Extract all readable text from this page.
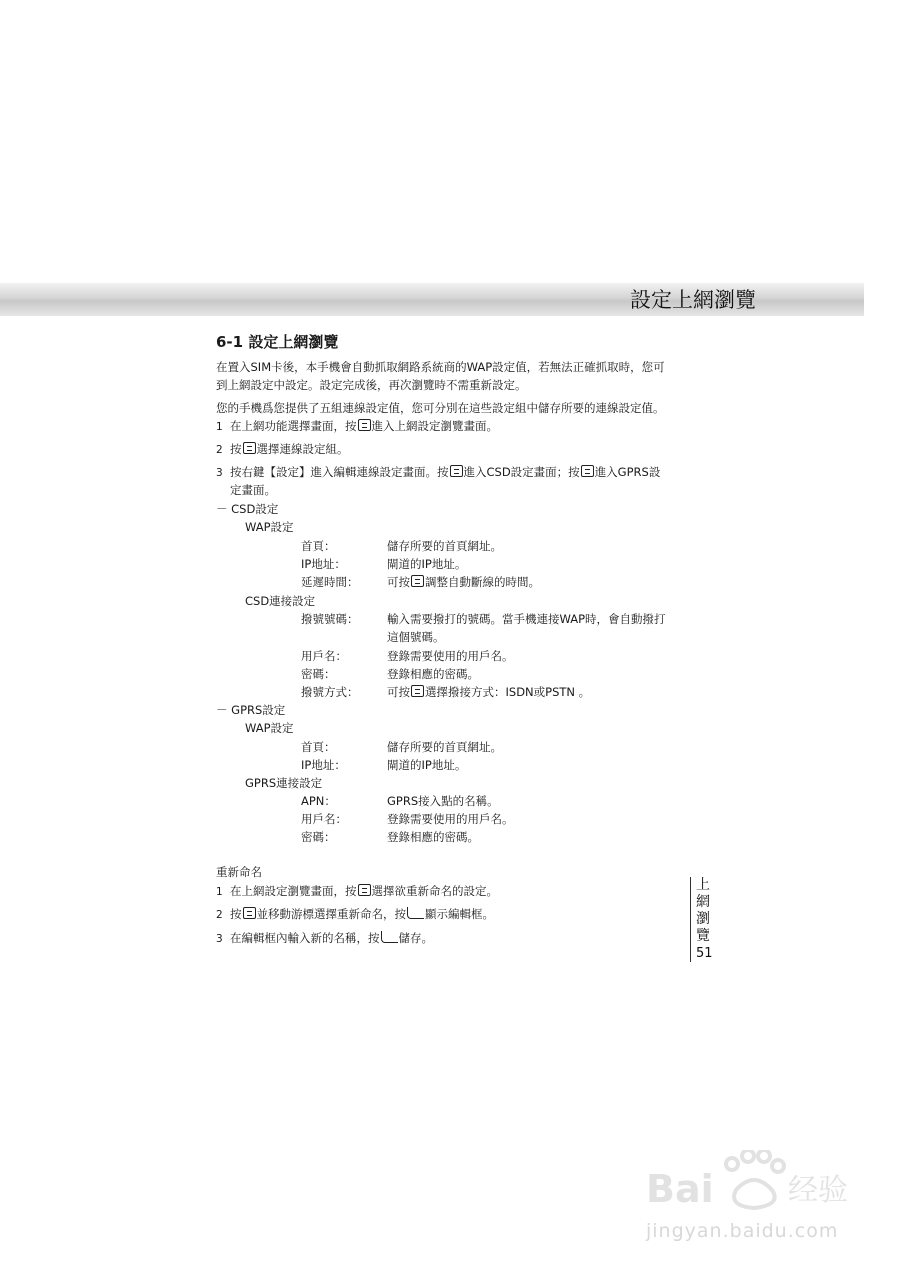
設定上網瀏覽
6-1 設定上網瀏覽
在置入SIM卡後，本手機會自動抓取網路系統商的WAP設定值，若無法正確抓取時，您可
到上網設定中設定。設定完成後，再次瀏覽時不需重新設定。
您的手機爲您提供了五組連線設定值，您可分別在這些設定組中儲存所要的連線設定值。
1 在上網功能選擇畫面，按 進入上網設定瀏覽畫面。
2 按 選擇連線設定組。
3 按右鍵【設定】進入編輯連線設定畫面。按 進入CSD設定畫面；按 進入GPRS設
定畫面。
－ CSD設定
WAP設定
首頁：	儲存所要的首頁網址。
IP地址：	閘道的IP地址。
延遲時間： 可按 調整自動斷線的時間。
CSD連接設定
撥號號碼： 輸入需要撥打的號碼。當手機連接WAP時，會自動撥打
這個號碼。
用戶名：	登錄需要使用的用戶名。
密碼：	登錄相應的密碼。
撥號方式： 可按 選擇撥接方式：ISDN或PSTN 。
－ GPRS設定
WAP設定
首頁：	儲存所要的首頁網址。
IP地址：	閘道的IP地址。
GPRS連接設定
APN：	GPRS接入點的名稱。
用戶名：	登錄需要使用的用戶名。
密碼：	登錄相應的密碼。
重新命名
1 在上網設定瀏覽畫面，按 選擇欲重新命名的設定。
2 按 並移動游標選擇重新命名，按 顯示編輯框。
3 在編輯框內輸入新的名稱，按 儲存。
上
網
瀏
覽
51
Bai du 经验
jingyan.baidu.com
